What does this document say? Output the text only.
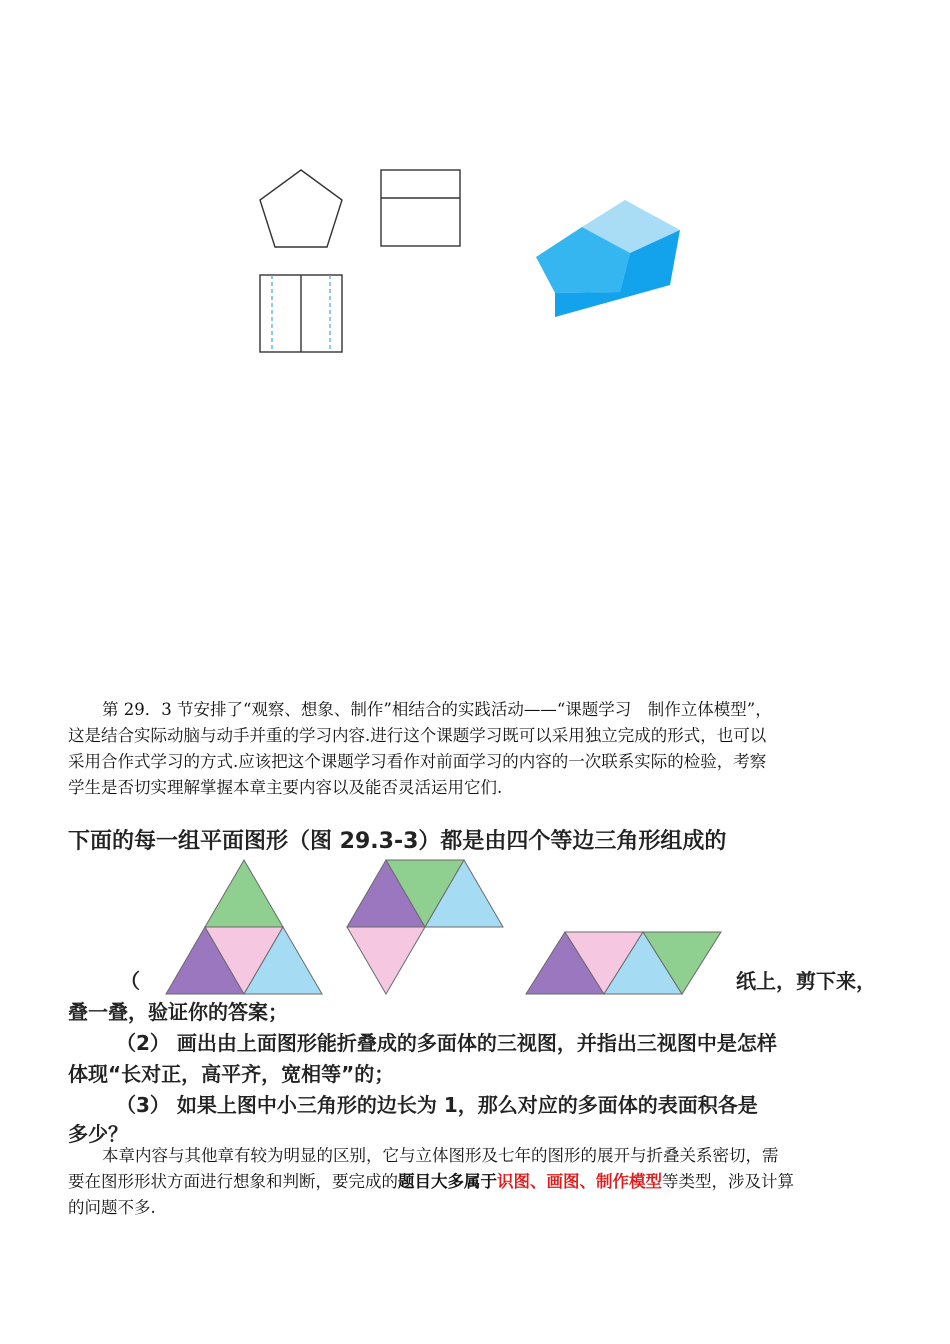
第 29．3 节安排了“观察、想象、制作”相结合的实践活动——“课题学习　制作立体模型”，
这是结合实际动脑与动手并重的学习内容.进行这个课题学习既可以采用独立完成的形式，也可以
采用合作式学习的方式.应该把这个课题学习看作对前面学习的内容的一次联系实际的检验，考察
学生是否切实理解掌握本章主要内容以及能否灵活运用它们.
下面的每一组平面图形（图 29.3-3）都是由四个等边三角形组成的
（	纸上，剪下来，
叠一叠，验证你的答案；
（2） 画出由上面图形能折叠成的多面体的三视图，并指出三视图中是怎样
体现“长对正，高平齐，宽相等”的；
（3） 如果上图中小三角形的边长为 1，那么对应的多面体的表面积各是
多少？
本章内容与其他章有较为明显的区别，它与立体图形及七年的图形的展开与折叠关系密切，需
要在图形形状方面进行想象和判断，要完成的题目大多属于识图、画图、制作模型等类型，涉及计算
的问题不多.
